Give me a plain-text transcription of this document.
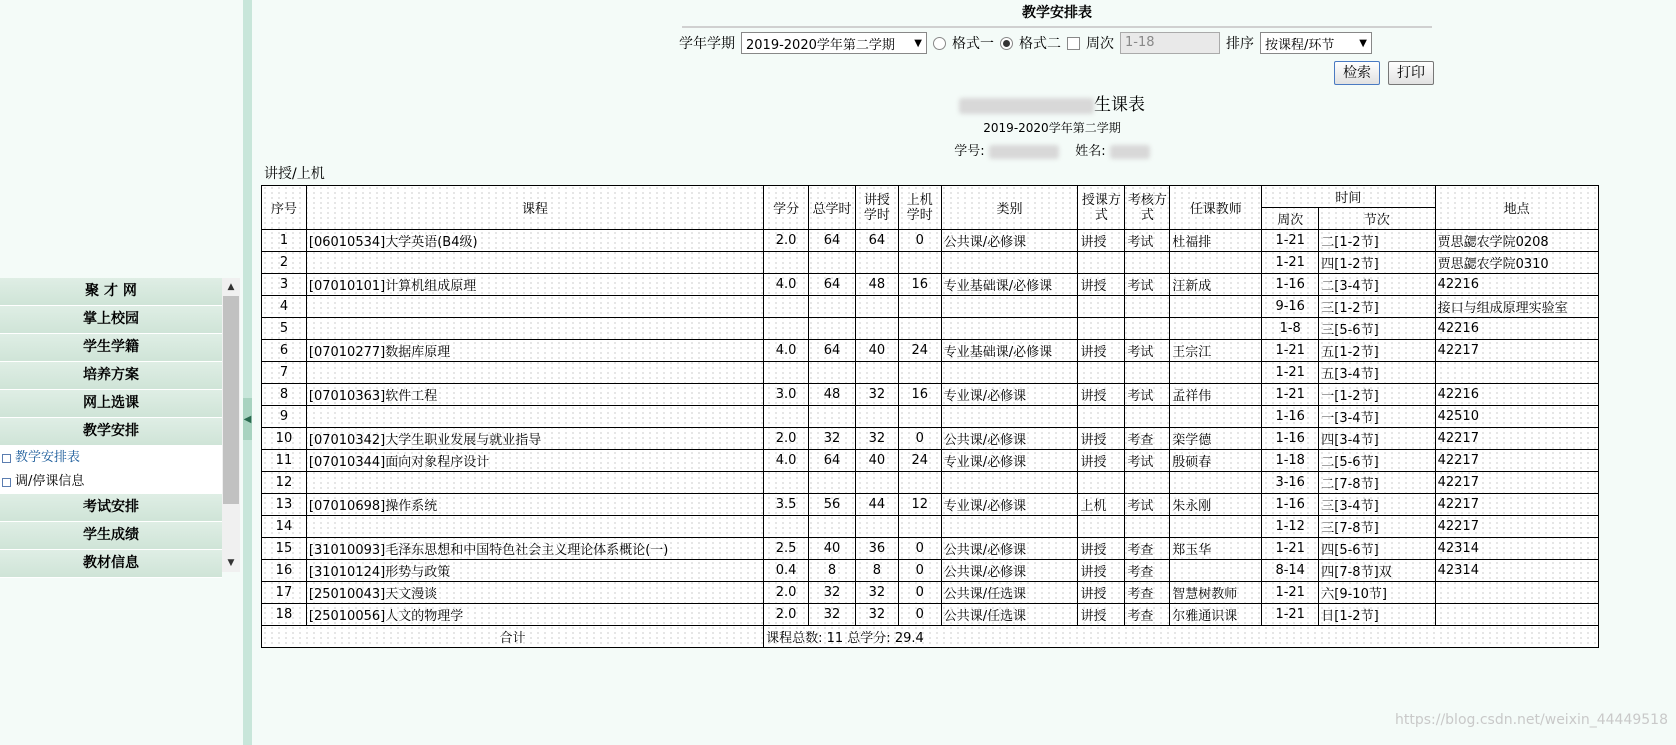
聚 才 网
掌上校园
学生学籍
培养方案
网上选课
教学安排
教学安排表
调/停课信息
考试安排
学生成绩
教材信息
▲
▼
◀
教学安排表
学年学期 2019-2020学年第二学期 ▼ 格式一 格式二 周次 1-18	排序 按课程/环节 ▼
检索	打印
生课表
2019-2020学年第二学期
学号:	姓名:
讲授/上机
序号	课程	学分	总学时	讲授学时	上机学时	类别	授课方式	考核方式	任课教师	时间		地点
										周次	节次	
1	[06010534]大学英语(B4级)	2.0	64	64	0	公共课/必修课	讲授	考试	杜福排	1-21	二[1-2节]	贾思勰农学院0208
2										1-21	四[1-2节]	贾思勰农学院0310
3	[07010101]计算机组成原理	4.0	64	48	16	专业基础课/必修课	讲授	考试	汪新成	1-16	二[3-4节]	42216
4										9-16	三[1-2节]	接口与组成原理实验室
5										1-8	三[5-6节]	42216
6	[07010277]数据库原理	4.0	64	40	24	专业基础课/必修课	讲授	考试	王宗江	1-21	五[1-2节]	42217
7										1-21	五[3-4节]	
8	[07010363]软件工程	3.0	48	32	16	专业课/必修课	讲授	考试	孟祥伟	1-21	一[1-2节]	42216
9										1-16	一[3-4节]	42510
10	[07010342]大学生职业发展与就业指导	2.0	32	32	0	公共课/必修课	讲授	考查	栾学德	1-16	四[3-4节]	42217
11	[07010344]面向对象程序设计	4.0	64	40	24	专业课/必修课	讲授	考试	殷硕春	1-18	二[5-6节]	42217
12										3-16	二[7-8节]	42217
13	[07010698]操作系统	3.5	56	44	12	专业课/必修课	上机	考试	朱永刚	1-16	三[3-4节]	42217
14										1-12	三[7-8节]	42217
15	[31010093]毛泽东思想和中国特色社会主义理论体系概论(一)	2.5	40	36	0	公共课/必修课	讲授	考查	郑玉华	1-21	四[5-6节]	42314
16	[31010124]形势与政策	0.4	8	8	0	公共课/必修课	讲授	考查		8-14	四[7-8节]双	42314
17	[25010043]天文漫谈	2.0	32	32	0	公共课/任选课	讲授	考查	智慧树教师	1-21	六[9-10节]	
18	[25010056]人文的物理学	2.0	32	32	0	公共课/任选课	讲授	考查	尔雅通识课	1-21	日[1-2节]	
合计		课程总数: 11 总学分: 29.4										
https://blog.csdn.net/weixin_44449518
